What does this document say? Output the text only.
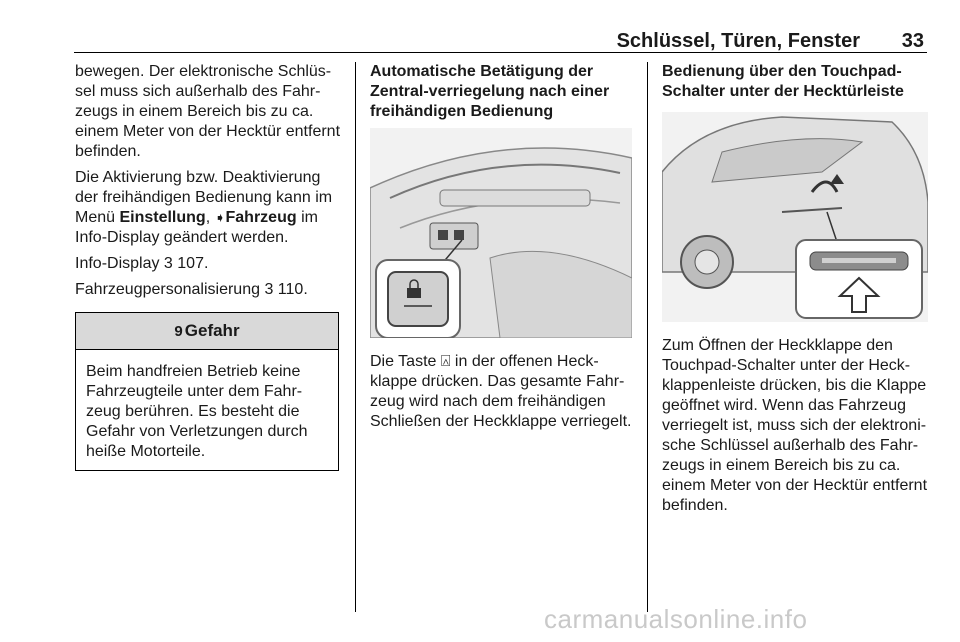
Schlüssel, Türen, Fenster 33

bewegen. Der elektronische Schlüs-sel muss sich außerhalb des Fahr-zeugs in einem Bereich bis zu ca. einem Meter von der Hecktür entfernt befinden.

Die Aktivierung bzw. Deaktivierung der freihändigen Bedienung kann im Menü Einstellung, ➧Fahrzeug im Info-Display geändert werden.

Info-Display 3 107.

Fahrzeugpersonalisierung 3 110.

9 Gefahr
Beim handfreien Betrieb keine Fahrzeugteile unter dem Fahr-zeug berühren. Es besteht die Gefahr von Verletzungen durch heiße Motorteile.

Automatische Betätigung der Zentral-verriegelung nach einer freihändigen Bedienung

Die Taste ⍓ in der offenen Heck-klappe drücken. Das gesamte Fahr-zeug wird nach dem freihändigen Schließen der Heckklappe verriegelt.

Bedienung über den Touchpad-Schalter unter der Hecktürleiste

Zum Öffnen der Heckklappe den Touchpad-Schalter unter der Heck-klappenleiste drücken, bis die Klappe geöffnet wird. Wenn das Fahrzeug verriegelt ist, muss sich der elektroni-sche Schlüssel außerhalb des Fahr-zeugs in einem Bereich bis zu ca. einem Meter von der Hecktür entfernt befinden.

carmanualsonline.info
